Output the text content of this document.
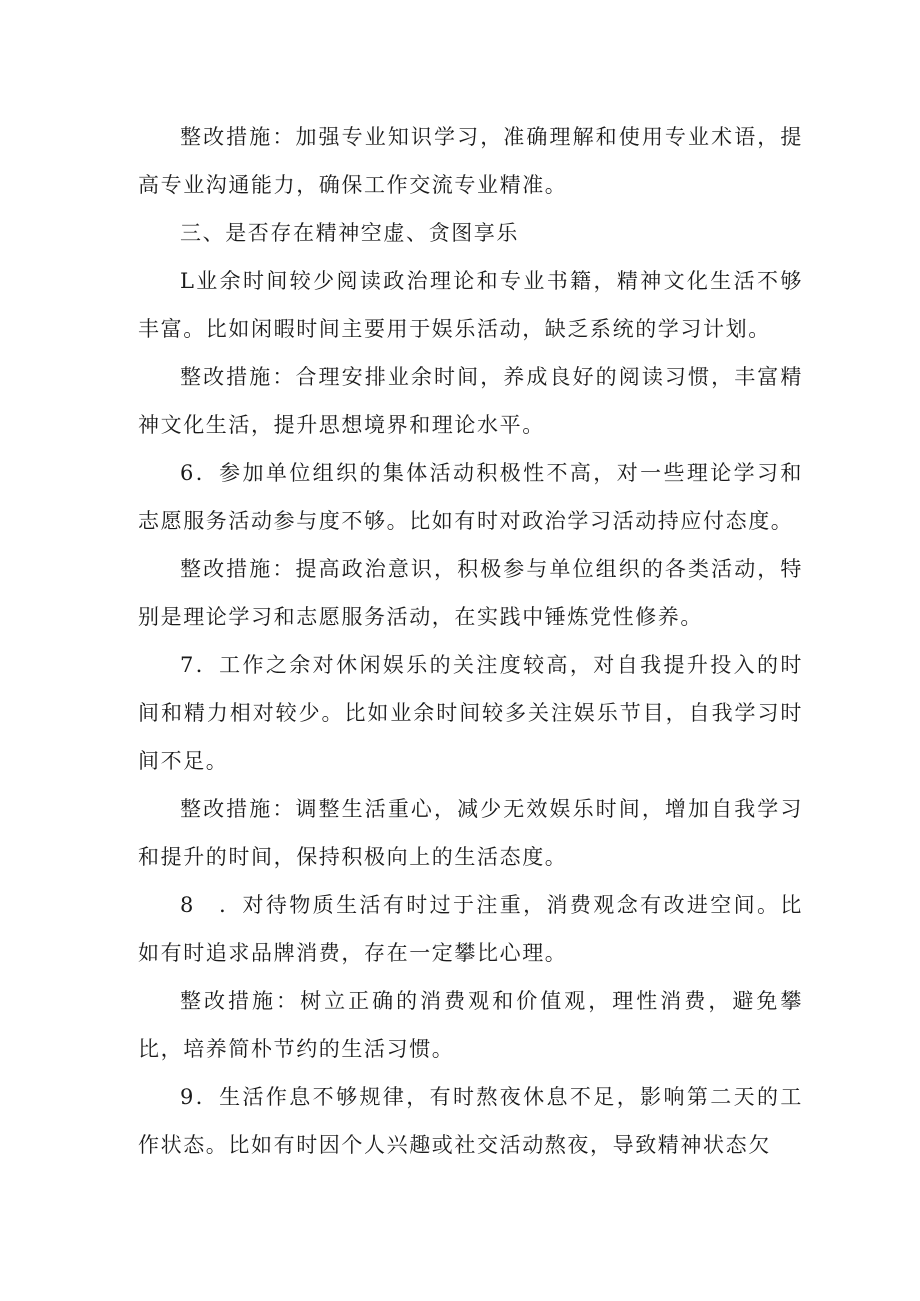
整改措施：加强专业知识学习，准确理解和使用专业术语，提高专业沟通能力，确保工作交流专业精准。

三、是否存在精神空虚、贪图享乐

L业余时间较少阅读政治理论和专业书籍，精神文化生活不够丰富。比如闲暇时间主要用于娱乐活动，缺乏系统的学习计划。

整改措施：合理安排业余时间，养成良好的阅读习惯，丰富精神文化生活，提升思想境界和理论水平。

6．参加单位组织的集体活动积极性不高，对一些理论学习和志愿服务活动参与度不够。比如有时对政治学习活动持应付态度。

整改措施：提高政治意识，积极参与单位组织的各类活动，特别是理论学习和志愿服务活动，在实践中锤炼党性修养。

7．工作之余对休闲娱乐的关注度较高，对自我提升投入的时间和精力相对较少。比如业余时间较多关注娱乐节目，自我学习时间不足。

整改措施：调整生活重心，减少无效娱乐时间，增加自我学习和提升的时间，保持积极向上的生活态度。

8　．对待物质生活有时过于注重，消费观念有改进空间。比如有时追求品牌消费，存在一定攀比心理。

整改措施：树立正确的消费观和价值观，理性消费，避免攀比，培养简朴节约的生活习惯。

9．生活作息不够规律，有时熬夜休息不足，影响第二天的工作状态。比如有时因个人兴趣或社交活动熬夜，导致精神状态欠
